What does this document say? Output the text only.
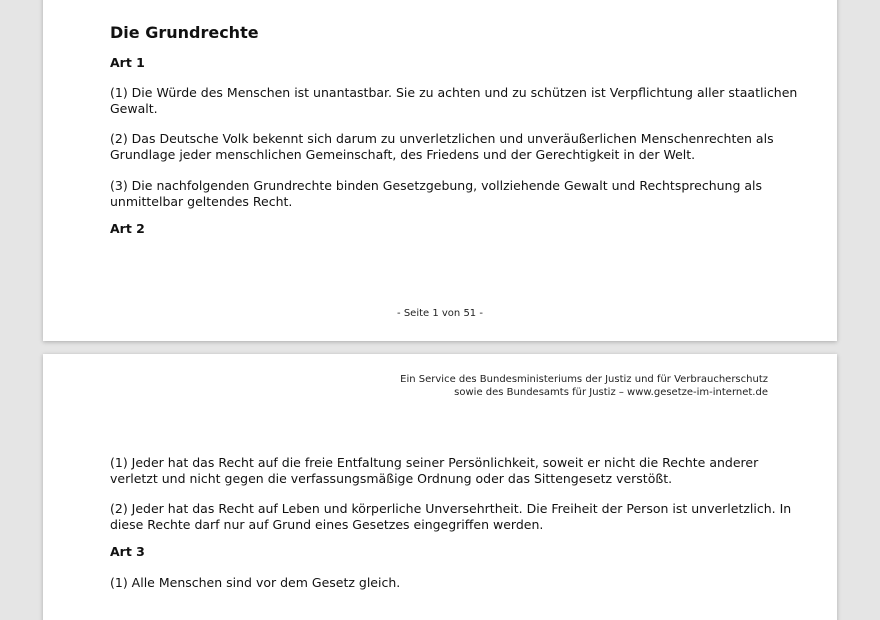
Die Grundrechte
Art 1

(1) Die Würde des Menschen ist unantastbar. Sie zu achten und zu schützen ist Verpflichtung aller staatlichen Gewalt.

(2) Das Deutsche Volk bekennt sich darum zu unverletzlichen und unveräußerlichen Menschenrechten als Grundlage jeder menschlichen Gemeinschaft, des Friedens und der Gerechtigkeit in der Welt.

(3) Die nachfolgenden Grundrechte binden Gesetzgebung, vollziehende Gewalt und Rechtsprechung als unmittelbar geltendes Recht.

Art 2
- Seite 1 von 51 -
Ein Service des Bundesministeriums der Justiz und für Verbraucherschutz
sowie des Bundesamts für Justiz – www.gesetze-im-internet.de

(1) Jeder hat das Recht auf die freie Entfaltung seiner Persönlichkeit, soweit er nicht die Rechte anderer verletzt und nicht gegen die verfassungsmäßige Ordnung oder das Sittengesetz verstößt.

(2) Jeder hat das Recht auf Leben und körperliche Unversehrtheit. Die Freiheit der Person ist unverletzlich. In diese Rechte darf nur auf Grund eines Gesetzes eingegriffen werden.

Art 3

(1) Alle Menschen sind vor dem Gesetz gleich.
